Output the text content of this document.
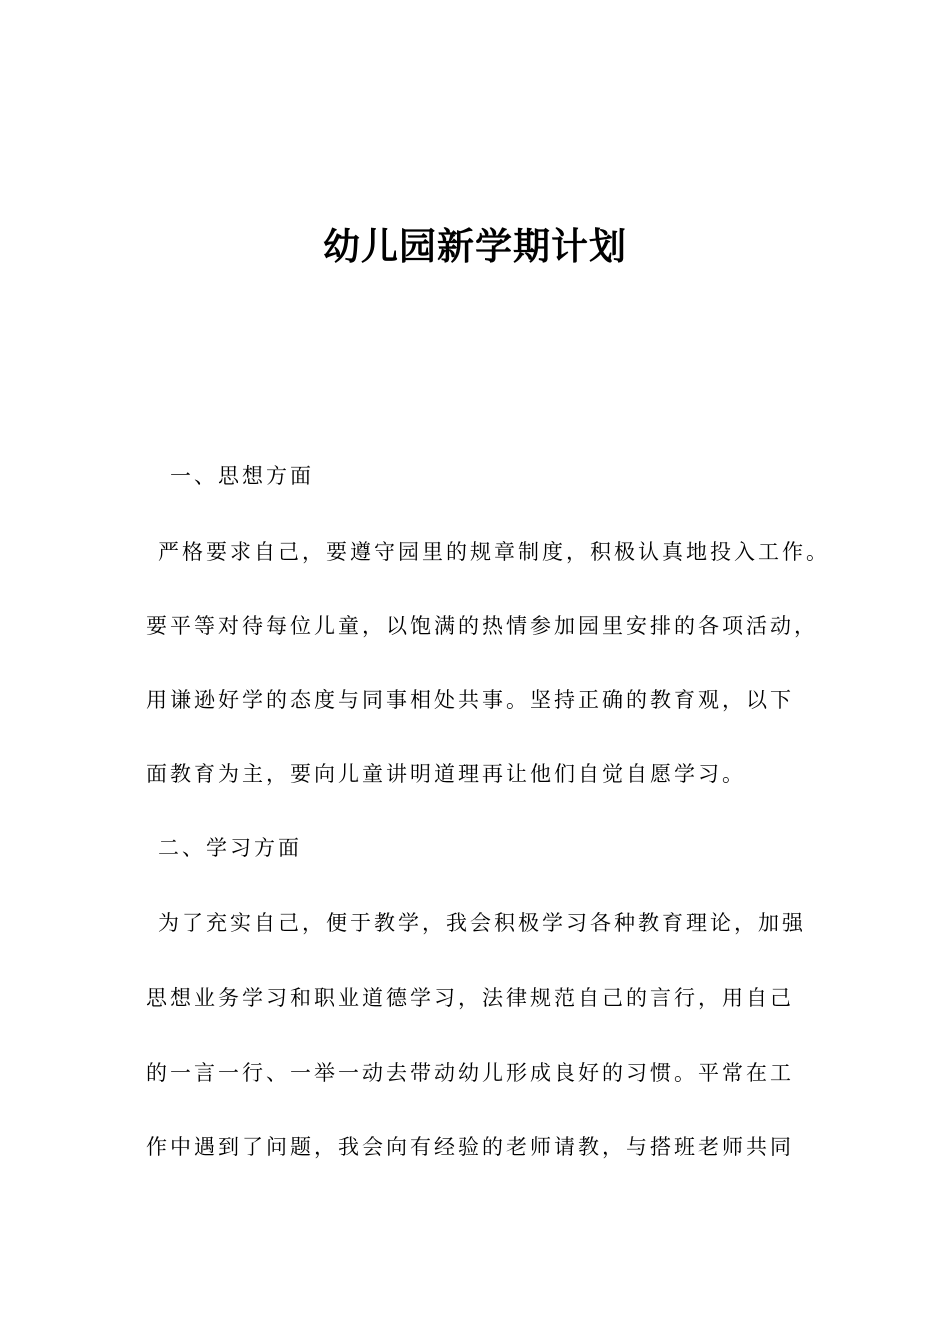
幼儿园新学期计划
一、思想方面
严格要求自己，要遵守园里的规章制度，积极认真地投入工作。
要平等对待每位儿童，以饱满的热情参加园里安排的各项活动，
用谦逊好学的态度与同事相处共事。坚持正确的教育观，以下
面教育为主，要向儿童讲明道理再让他们自觉自愿学习。
二、学习方面
为了充实自己，便于教学，我会积极学习各种教育理论，加强
思想业务学习和职业道德学习，法律规范自己的言行，用自己
的一言一行、一举一动去带动幼儿形成良好的习惯。平常在工
作中遇到了问题，我会向有经验的老师请教，与搭班老师共同
